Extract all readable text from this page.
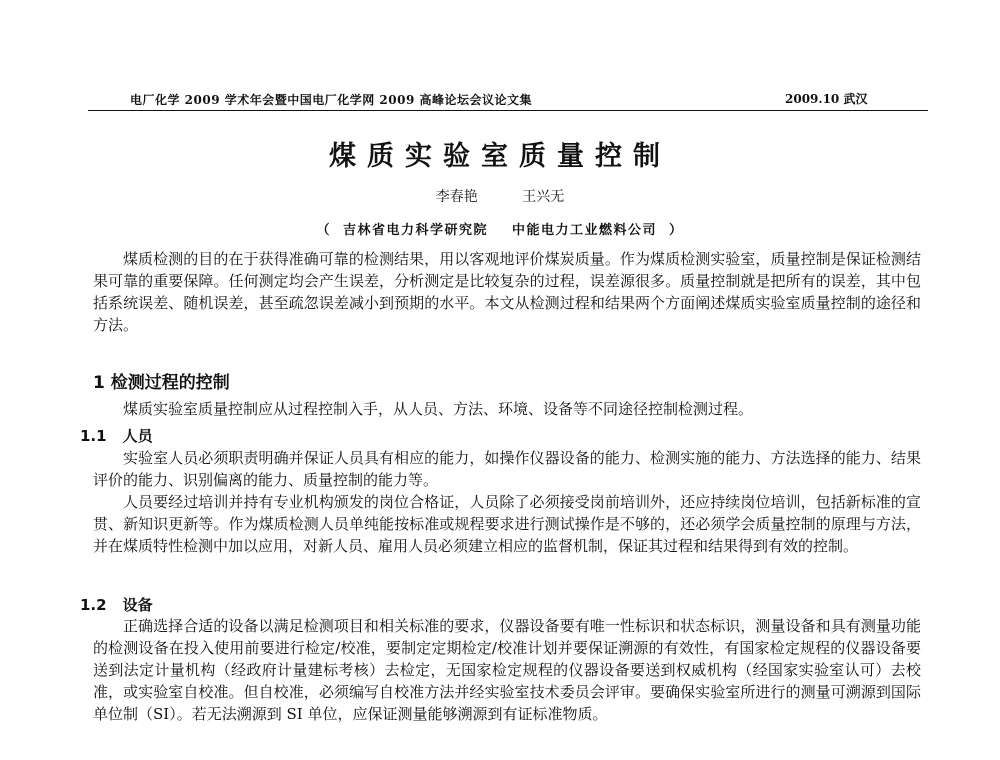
电厂化学 2009 学术年会暨中国电厂化学网 2009 高峰论坛会议论文集	2009.10 武汉
煤质实验室质量控制
李春艳	王兴无
（ 吉林省电力科学研究院 中能电力工业燃料公司 ）

煤质检测的目的在于获得准确可靠的检测结果，用以客观地评价煤炭质量。作为煤质检测实验室，质量控制是保证检测结果可靠的重要保障。任何测定均会产生误差，分析测定是比较复杂的过程，误差源很多。质量控制就是把所有的误差，其中包括系统误差、随机误差，甚至疏忽误差减小到预期的水平。本文从检测过程和结果两个方面阐述煤质实验室质量控制的途径和方法。

1 检测过程的控制

煤质实验室质量控制应从过程控制入手，从人员、方法、环境、设备等不同途径控制检测过程。

1.1 人员

实验室人员必须职责明确并保证人员具有相应的能力，如操作仪器设备的能力、检测实施的能力、方法选择的能力、结果评价的能力、识别偏离的能力、质量控制的能力等。

人员要经过培训并持有专业机构颁发的岗位合格证，人员除了必须接受岗前培训外，还应持续岗位培训，包括新标准的宣贯、新知识更新等。作为煤质检测人员单纯能按标准或规程要求进行测试操作是不够的，还必须学会质量控制的原理与方法，并在煤质特性检测中加以应用，对新人员、雇用人员必须建立相应的监督机制，保证其过程和结果得到有效的控制。

1.2 设备

正确选择合适的设备以满足检测项目和相关标准的要求，仪器设备要有唯一性标识和状态标识，测量设备和具有测量功能的检测设备在投入使用前要进行检定/校准，要制定定期检定/校准计划并要保证溯源的有效性，有国家检定规程的仪器设备要送到法定计量机构（经政府计量建标考核）去检定，无国家检定规程的仪器设备要送到权威机构（经国家实验室认可）去校准，或实验室自校准。但自校准，必须编写自校准方法并经实验室技术委员会评审。要确保实验室所进行的测量可溯源到国际单位制（SI）。若无法溯源到 SI 单位，应保证测量能够溯源到有证标准物质。
